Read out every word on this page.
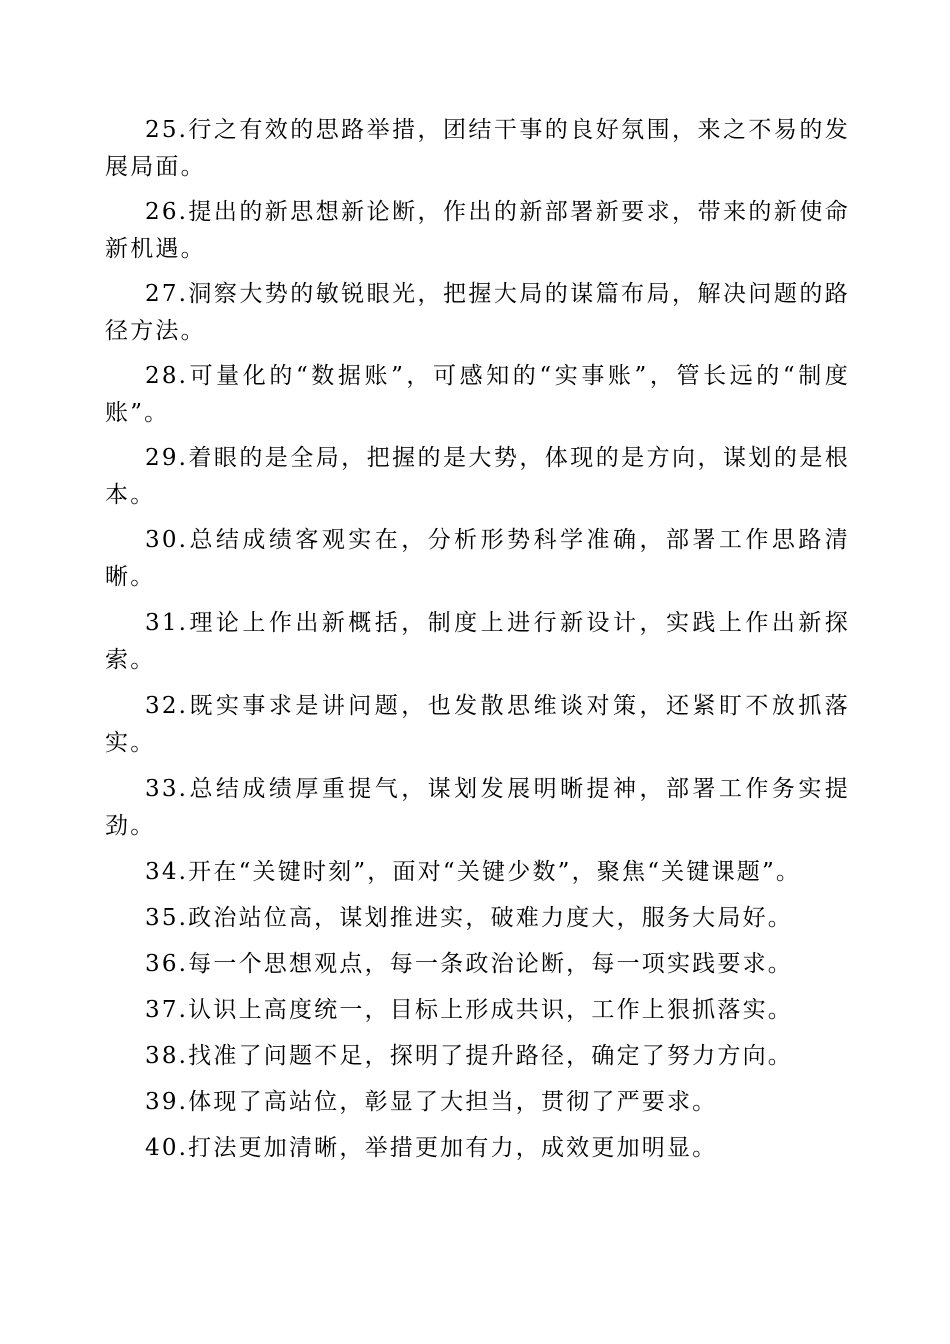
25.行之有效的思路举措，团结干事的良好氛围，来之不易的发展局面。

26.提出的新思想新论断，作出的新部署新要求，带来的新使命新机遇。

27.洞察大势的敏锐眼光，把握大局的谋篇布局，解决问题的路径方法。

28.可量化的“数据账”，可感知的“实事账”，管长远的“制度账”。

29.着眼的是全局，把握的是大势，体现的是方向，谋划的是根本。

30.总结成绩客观实在，分析形势科学准确，部署工作思路清晰。

31.理论上作出新概括，制度上进行新设计，实践上作出新探索。

32.既实事求是讲问题，也发散思维谈对策，还紧盯不放抓落实。

33.总结成绩厚重提气，谋划发展明晰提神，部署工作务实提劲。

34.开在“关键时刻”，面对“关键少数”，聚焦“关键课题”。

35.政治站位高，谋划推进实，破难力度大，服务大局好。

36.每一个思想观点，每一条政治论断，每一项实践要求。

37.认识上高度统一，目标上形成共识，工作上狠抓落实。

38.找准了问题不足，探明了提升路径，确定了努力方向。

39.体现了高站位，彰显了大担当，贯彻了严要求。

40.打法更加清晰，举措更加有力，成效更加明显。
